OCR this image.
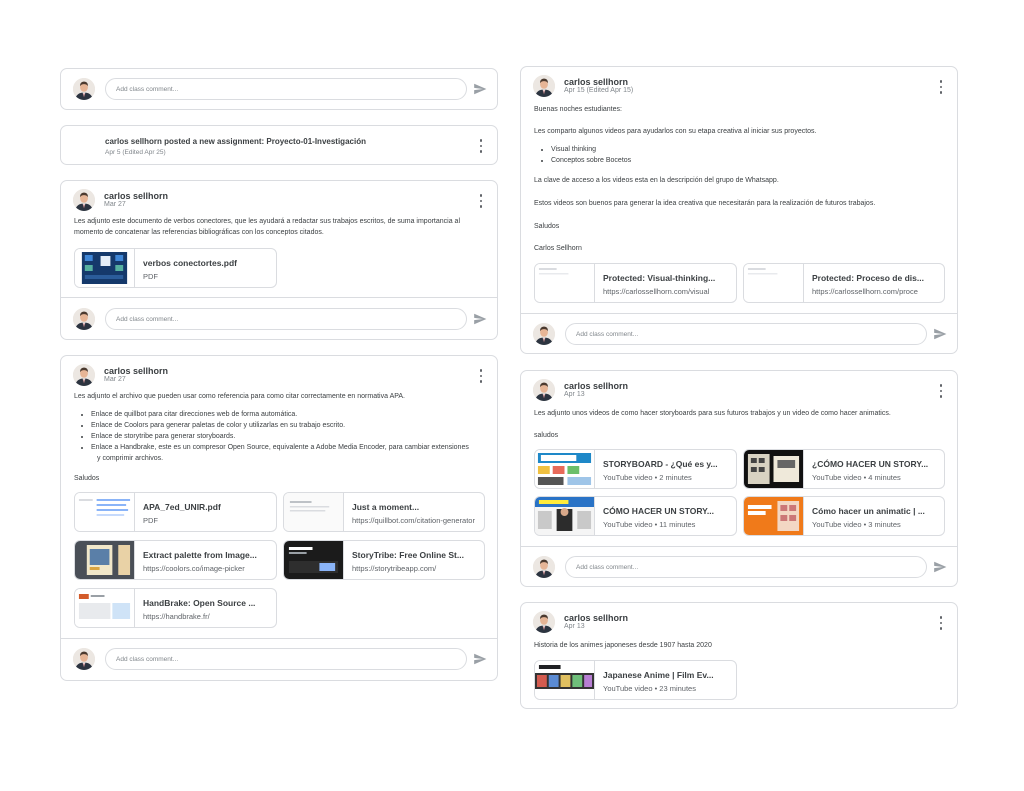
Add class comment...
carlos sellhorn posted a new assignment: Proyecto-01-Investigación
Apr 5 (Edited Apr 25)
carlos sellhorn
Mar 27
Les adjunto este documento de verbos conectores, que les ayudará a redactar sus trabajos escritos, de suma importancia al
momento de concatenar las referencias bibliográficas con los conceptos citados.
verbos conectortes.pdf
PDF
Add class comment...
carlos sellhorn
Mar 27
Les adjunto el archivo que pueden usar como referencia para como citar correctamente en normativa APA.
• Enlace de quillbot para citar direcciones web de forma automática.
• Enlace de Coolors para generar paletas de color y utilizarlas en su trabajo escrito.
• Enlace de storytribe para generar storyboards.
• Enlace a Handbrake, este es un compresor Open Source, equivalente a Adobe Media Encoder, para cambiar extensiones
y comprimir archivos.
Saludos
APA_7ed_UNIR.pdf
PDF
Just a moment...
https://quillbot.com/citation-generator
Extract palette from Image...
https://coolors.co/image-picker
StoryTribe: Free Online St...
https://storytribeapp.com/
HandBrake: Open Source ...
https://handbrake.fr/
Add class comment...
carlos sellhorn
Apr 15 (Edited Apr 15)
Buenas noches estudiantes:
Les comparto algunos videos para ayudarlos con su etapa creativa al iniciar sus proyectos.
• Visual thinking
• Conceptos sobre Bocetos
La clave de acceso a los videos esta en la descripción del grupo de Whatsapp.
Estos videos son buenos para generar la idea creativa que necesitarán para la realización de futuros trabajos.
Saludos
Carlos Sellhorn
Protected: Visual-thinking...
https://carlossellhorn.com/visual
Protected: Proceso de dis...
https://carlossellhorn.com/proce
Add class comment...
carlos sellhorn
Apr 13
Les adjunto unos videos de como hacer storyboards para sus futuros trabajos y un video de como hacer animatics.
saludos
STORYBOARD - ¿Qué es y...
YouTube video • 2 minutes
¿CÓMO HACER UN STORY...
YouTube video • 4 minutes
CÓMO HACER UN STORY...
YouTube video • 11 minutes
Cómo hacer un animatic | ...
YouTube video • 3 minutes
Add class comment...
carlos sellhorn
Apr 13
Historia de los animes japoneses desde 1907 hasta 2020
Japanese Anime | Film Ev...
YouTube video • 23 minutes
